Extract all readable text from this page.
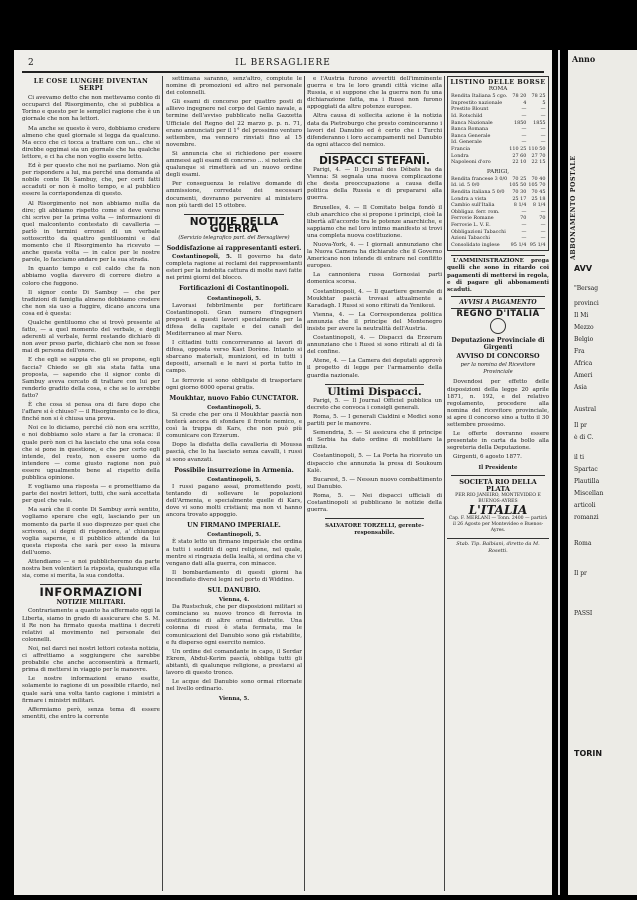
2	IL BERSAGLIERE
LE COSE LUNGHE DIVENTAN SERPI

Ci avevamo detto che non mettevamo conto di occuparci del Risorgimento, che si pubblica a Torino e questo per le semplici ragione che è un giornale che non ha lettori.

Ma anche se questo è vero, dobbiamo credere almeno che quel giornale si legga da qualcuno. Ma ecco che ci tocca a trattare con un... che si direbbe oggimai sia un giornale che ha qualche lettore, e ci ha che non voglio essere letto.

Ed è per questo che noi ne parliamo. Non già per rispondere a lui, ma perché una domanda al nobile conte Di Sambuy, che, per certi fatti accaduti or non è molto tempo, e al pubblico essere la corrispondenza di questo.

Al Risorgimento noi non abbiamo nulla da dire; gli abbiamo rispetto come si deve verso chi scrive per la prima volta — informazioni di quel malcontento contestato di cavalleria — parlò in termini erronei di un verbale sottoscritto da quattro gentiluomini e dal momento che il Risorgimento ha ricevuto — anche questa volta — in calce per le nostre parole, lo facciamo andare per la sua strada.

In quanto tempo e col caldo che fa non abbiamo voglia davvero di correre dietro a coloro che fuggono.

Il signor conte Di Sambuy — che per tradizioni di famiglia almeno dobbiamo credere che non sia uso a fuggire, dicano ancora una cosa ed è questa:

Qualche gentiluomo che si trovò presente al fatto, — a quel momento del verbale, e degli aderenti al verbale, fermi restando dichiarò di non aver preso parte, dichiarò che non se fosse mai di persona dell'onore.

E che egli se sappia che gli se propone, egli faccia? Chiedo se gli sia stata fatta una proposta, — sapendo che il signor conte di Sambuy aveva cercato di trattare con lui per renderlo gradito della cosa, e che se lo avrebbe fatto?

È che cosa si pensa ora di fare dopo che l'affare si è chiuso? — il Risorgimento ce lo dica, finché non si è chiusa una prova.

Noi ce lo diciamo, perché ciò non era scritto, e noi dobbiamo solo stare a far la cronaca: il quale però non ci ha lasciato che una sola cosa che si pone in questione, e che per certo egli intende, del resto, non essere uomo da intendere — come giusto ragione non può essere ugualmente bene al rispetto della pubblica opinione.

E vogliamo una risposta — e promettiamo da parte dei nostri lettori, tutti, che sarà accettata per quel che vale.

Ma sarà che il conte Di Sambuy avrà sentito, vogliamo sperare che egli, lasciando per un momento da parte il suo disprezzo per quei che scrivono, si degni di rispondere, a' chiunque voglia saperne, e il pubblico attende da lui questa risposta che sarà per esso la misura dell'uomo.

Attendiamo — e noi pubblicheremo da parte nostra ben volentieri la risposta, qualunque ella sia, come si merita, la sua condotta.

INFORMAZIONI
NOTIZIE MILITARI.

Contrariamente a quanto ha affermato oggi la Liberta, siamo in grado di assicurare che S. M. il Re non ha firmato questa mattina i decreti relativi al movimento nel personale dei colonnelli.

Noi, nel darci nei nostri lettori cotesta notizia, ci affrettiamo a soggiungere che sarebbe probabile che anche acconsentirà a firmarli, prima di mettersi in viaggio per le manovre.

Le nostre informazioni erano esatte, solamente io ragione di un possibile ritardo, nel quale sarà una volta tanto cagione i ministri a firmare i ministri militari.

Affermiamo però, senza tema di essere smentiti, che entro la corrente

settimana saranno, senz'altro, compiute le nomine di promozioni ed altro nel personale dei colonnelli.

Gli esami di concorso per quattro posti di allievo ingegnere nel corpo del Genio navale, a termine dell'avviso pubblicato nella Gazzetta Ufficiale del Regno del 22 marzo p. p. n. 71, erano annunciati per il 1° del prossimo venturo settembre, ma vennero rinviati fino al 15 novembre.

Si annuncia che si richiedono per essere ammessi agli esami di concorso ... si noterà che qualunque si rimetterà ad un nuovo ordine degli esami.

Per conseguenza le relative domande di ammissione, corredate dei necessari documenti, dovranno pervenire al ministero non più tardi del 15 ottobre.

NOTIZIE DELLA GUERRA
(Servizio telegrafico part. del Bersagliere)
Soddisfazione ai rappresentanti esteri.

Costantinopoli, 5. Il governo ha dato completa ragione ai reclami dei rappresentanti esteri per la indebita cattura di molte navi fatte nei primi giorni del blocco.

Fortificazioni di Costantinopoli.
Costantinopoli, 5.

Lavorasi febbrilmente per fortificare Costantinopoli. Gran numero d'ingegneri preposti a questi lavori specialmente per la difesa della capitale e dei canali del Mediterraneo al mar Nero.

I cittadini tutti concorreranno ai lavori di difesa, opposta verso Kast Dorène. Intanto si sbarcano materiali, munizioni, ed in tutti i depositi, arsenali e le navi si porta tutto in campo.

Le ferrovie si sono obbligate di trasportare ogni giorno 6000 operai gratis.

Moukhtar, nuovo Fabio CUNCTATOR.
Costantinopoli, 5.

Si crede che per ora il Moukhtar pascià non tenterà ancora di sfondare il fronte nemico, e così la truppa di Kars, che non può più comunicare con Erzerum.

Dopo la disfatta della cavalleria di Moussa pascià, che lo ha lasciato senza cavalli, i russi si sono avanzati.

Possibile insurrezione in Armenia.
Costantinopoli, 5.

I russi pagano assai, promettendo posti, tentando di sollevare le popolazioni dell'Armenia, e specialmente quelle di Kars, dove vi sono molti cristiani; ma non vi hanno ancora trovato appoggio.

UN FIRMANO IMPERIALE.
Costantinopoli, 5.

È stato letto un firmano imperiale che ordina a tutti i sudditi di ogni religione, nel quale, mentre si ringrazia della lealtà, si ordina che vi vengano dati alla guerra, con minacce.

Il bombardamento di questi giorni ha incendiato diversi legni nel porto di Widdino.

SUL DANUBIO.
Vienna, 4.

Da Rustschuk, che per disposizioni militari si cominciano su nuovo tronco di ferrovia in sostituzione di altre ormai distrutte. Una colonna di russi è stata fermata, ma le comunicazioni del Danubio sono già ristabilite, e fu disperso ogni esercito nemico.

Un ordine del comandante in capo, il Serdar Ekrem, Abdul-Kerim pascià, obbliga tutti gli abitanti, di qualunque religione, a prestarsi al lavoro di questo tronco.

Le acque del Danubio sono ormai ritornate nel livello ordinario.

Vienna, 5.

e l'Austria furono avvertiti dell'imminente guerra e tra le loro grandi città vicine alla Russia, e si suppone che la guerra non fu una dichiarazione fatta, ma i Russi non furono appoggiati da altre potenze europee.

Altra causa di sollecita azione è la notizia data da Pietroburgo che presto cominceranno i lavori del Danubio ed è certo che i Turchi difenderanno i loro accampamenti nel Danubio da ogni attacco del nemico.

DISPACCI STEFANI.

Parigi, 4. — Il Journal des Débats ha da Vienna: Si segnala una nuova complicazione che desta preoccupazione a causa della politica della Russia e di prepararsi alla guerra.

Bruxelles, 4. — Il Comitato belga fondò il club anarchico che si propone i principi, cioè la libertà all'accordo tra le potenze anarchiche, e sappiamo che nel loro intimo manifesto si trovi una completa nuova costituzione.

Nuova-York, 4. — I giornali annunziano che la Nuova Camera ha dichiarato che il Governo Americano non intende di entrare nel conflitto europeo.

La cannoniera russa Gornosiai parti domenica scorsa.

Costantinopoli, 4. — Il quartiere generale di Moukhtar pascià trovasi attualmente a Karadagh. I Russi si sono ritirati da Yenikeui.

Vienna, 4. — La Correspondenza politica annunzia che il principe del Montenegro insiste per avere la neutralità dell'Austria.

Costantinopoli, 4. — Dispacci da Erzerum annunziano che i Russi si sono ritirati al di là del confine.

Atene, 4. — La Camera dei deputati approvò il progetto di legge per l'armamento della guardia nazionale.

Ultimi Dispacci.

Parigi, 5. — Il Journal Officiel pubblica un decreto che convoca i consigli generali.

Roma, 5. — I generali Cialdini e Medici sono partiti per le manovre.

Semendria, 5. — Si assicura che il principe di Serbia ha dato ordine di mobilitare la milizia.

Costantinopoli, 5. — La Porta ha ricevuto un dispaccio che annunzia la presa di Soukoum Kalè.

Bucarest, 5. — Nessun nuovo combattimento sul Danubio.

Roma, 5. — Nei dispacci ufficiali di Costantinopoli si pubblicano le notizie della guerra.

SALVATORE TORZELLI, gerente-responsabile.
LISTINO DELLE BORSE
ROMA
Rendita Italiana 5 cgo.	78 20	78 25
Imprestito nazionale	4	5
Prestito Blount	—	—
Id. Rotschild	—	—
Banca Nazionale	1850	1855
Banca Romana	—	—
Banca Generale	—	—
Id. Generale	—	—
Francia	110 25	110 50
Londra	27 60	27 70
Napoleoni d'oro	22 10	22 15
PARIGI,
Rendita francese 3 0/0	70 25	70 40
Id. id. 5 0/0	105 50	105 70
Rendita italiana 5 0/0	70 30	70 45
Londra a vista	25 17	25 18
Cambio sull'Italia	8 1/4	8 1/4
Obbligaz. ferr. rom.	—	—
Ferrovie Romane	70	70
Ferrovie L. V. E.	—	—
Obbligazioni Tabacchi	—	—
Azioni Tabacchi	—	—
Consolidato inglese	95 1/4	95 1/4

L'AMMINISTRAZIONE prega quelli che sono in ritardo coi pagamenti di mettersi in regola, e di pagare gli abbonamenti scaduti.

AVVISI A PAGAMENTO
REGNO D'ITALIA
Deputazione Provinciale di Girgenti
AVVISO DI CONCORSO
per la nomina del Ricevitore Provinciale

Dovendosi per effetto delle disposizioni della legge 20 aprile 1871, n. 192, e del relativo regolamento, procedere alla nomina del ricevitore provinciale, si apre il concorso sino a tutto il 30 settembre prossimo.

Le offerte dovranno essere presentate in carta da bollo alla segreteria della Deputazione.

Girgenti, 6 agosto 1877.

Il Presidente
SOCIETÀ RIO DELLA PLATA
PER RIO JANEIRO, MONTEVIDEO E BUENOS-AYRES
L'ITALIA
Cap. F. MERLANI — Tonn. 2400 — partirà il 26 Agosto per Montevideo e Buenos-Ayres.
Stab. Tip. Balbiani, diretto da M. Rosetti.
Anno
ABBONAMENTO POSTALE
AVV
"Bersag
provinci
Il Mi
Mezzo
Belgio
Fra
Africa
Ameri
Asia
Austral
Il pr
è di C.
il ti
Spartac
Plautilla
Miscellan
articoli
romanzi
Roma
Il pr
PASSI
TORIN
